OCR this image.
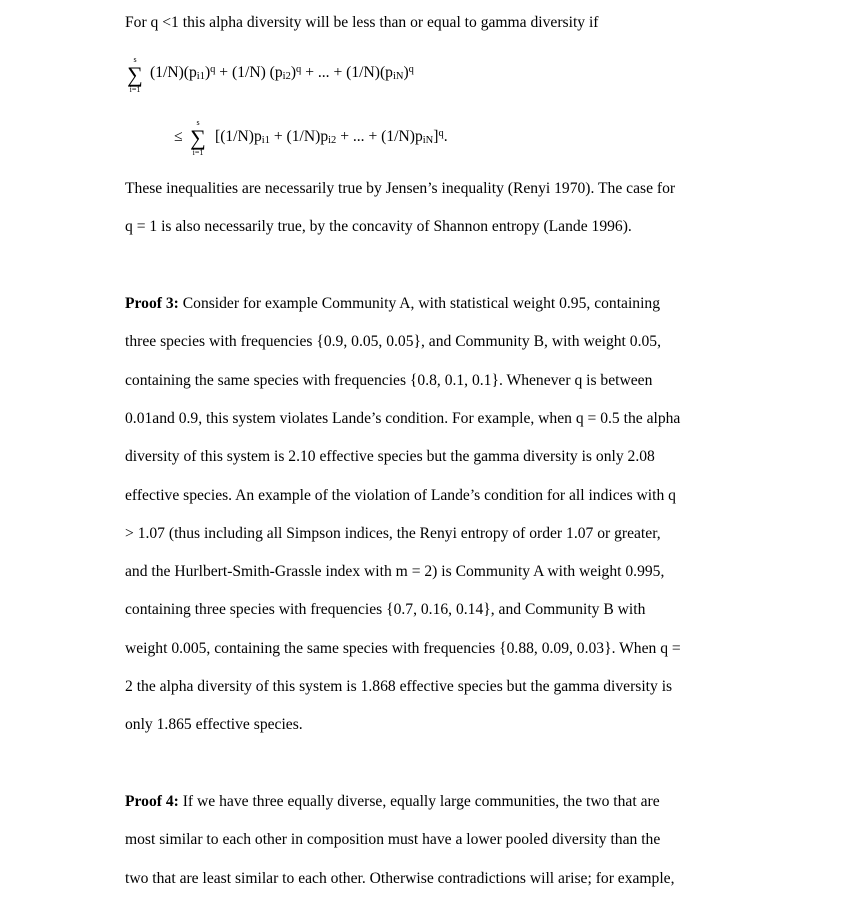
For q <1 this alpha diversity will be less than or equal to gamma diversity if
s
∑
i=1
$(1/N)(p_{i1})^q + (1/N) (p_{i2})^q$ + ... + $(1/N)(p_{iN})^q$
≤
s
∑
i=1
[$(1/N)p_{i1} + (1/N)p_{i2}$ + ... + $(1/N)p_{iN}]^q$.
These inequalities are necessarily true by Jensen’s inequality (Renyi 1970). The case for
q = 1 is also necessarily true, by the concavity of Shannon entropy (Lande 1996).
Proof 3: Consider for example Community A, with statistical weight 0.95, containing
three species with frequencies {0.9, 0.05, 0.05}, and Community B, with weight 0.05,
containing the same species with frequencies {0.8, 0.1, 0.1}. Whenever q is between
0.01and 0.9, this system violates Lande’s condition. For example, when q = 0.5 the alpha
diversity of this system is 2.10 effective species but the gamma diversity is only 2.08
effective species. An example of the violation of Lande’s condition for all indices with q
> 1.07 (thus including all Simpson indices, the Renyi entropy of order 1.07 or greater,
and the Hurlbert-Smith-Grassle index with m = 2) is Community A with weight 0.995,
containing three species with frequencies {0.7, 0.16, 0.14}, and Community B with
weight 0.005, containing the same species with frequencies {0.88, 0.09, 0.03}. When q =
2 the alpha diversity of this system is 1.868 effective species but the gamma diversity is
only 1.865 effective species.
Proof 4: If we have three equally diverse, equally large communities, the two that are
most similar to each other in composition must have a lower pooled diversity than the
two that are least similar to each other. Otherwise contradictions will arise; for example,
